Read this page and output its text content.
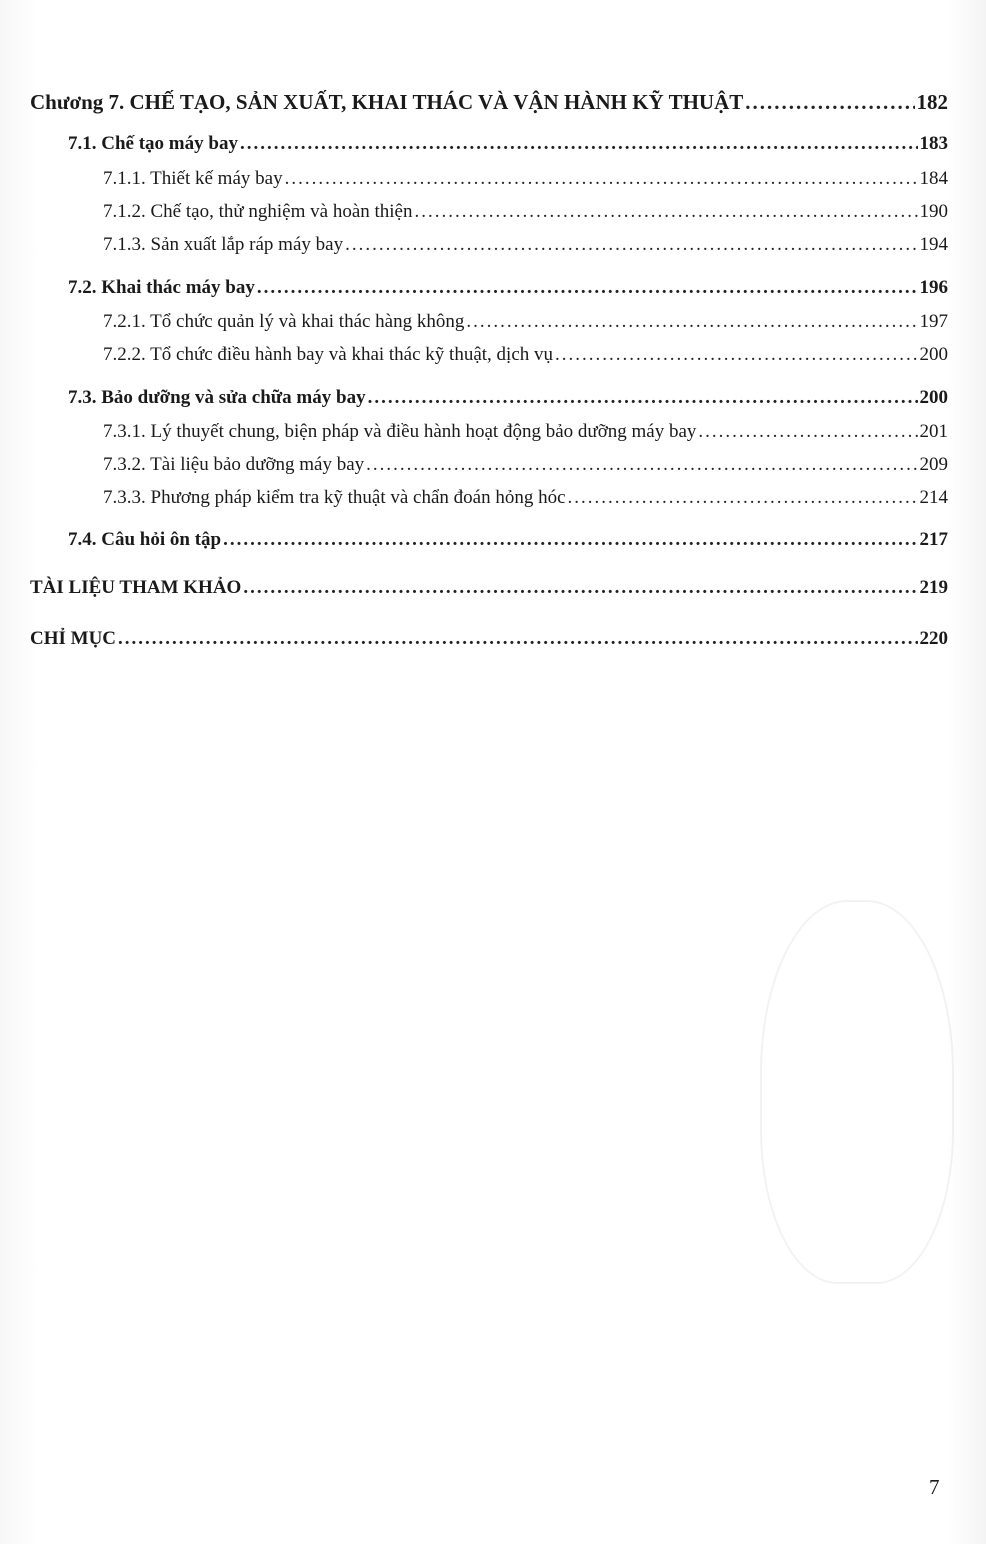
Chương 7. CHẾ TẠO, SẢN XUẤT, KHAI THÁC VÀ VẬN HÀNH KỸ THUẬT .....	182
7.1. Chế tạo máy bay .....	183
7.1.1. Thiết kế máy bay .....	184
7.1.2. Chế tạo, thử nghiệm và hoàn thiện .....	190
7.1.3. Sản xuất lắp ráp máy bay .....	194
7.2. Khai thác máy bay .....	196
7.2.1. Tổ chức quản lý và khai thác hàng không .....	197
7.2.2. Tổ chức điều hành bay và khai thác kỹ thuật, dịch vụ .....	200
7.3. Bảo dưỡng và sửa chữa máy bay .....	200
7.3.1. Lý thuyết chung, biện pháp và điều hành hoạt động bảo dưỡng máy bay .....	201
7.3.2. Tài liệu bảo dưỡng máy bay .....	209
7.3.3. Phương pháp kiểm tra kỹ thuật và chẩn đoán hỏng hóc .....	214
7.4. Câu hỏi ôn tập .....	217
TÀI LIỆU THAM KHẢO .....	219
CHỈ MỤC .....	220
7
